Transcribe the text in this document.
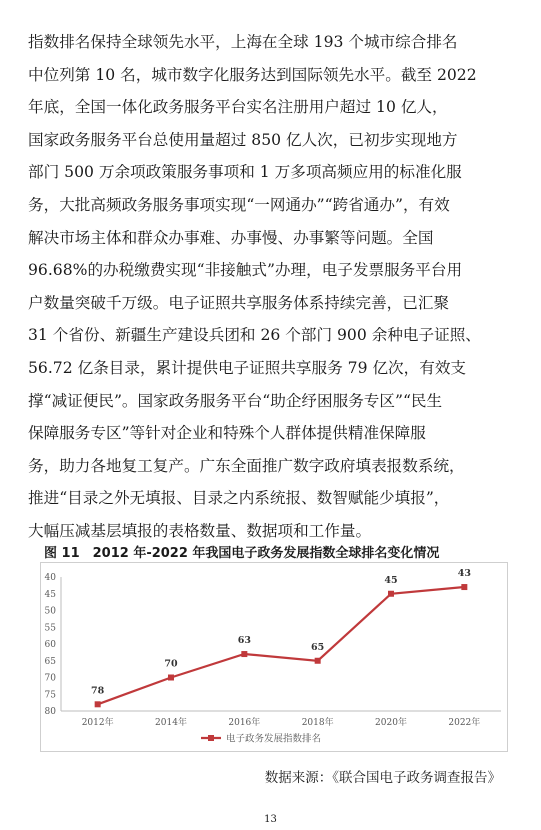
指数排名保持全球领先水平，上海在全球 193 个城市综合排名
中位列第 10 名，城市数字化服务达到国际领先水平。截至 2022
年底，全国一体化政务服务平台实名注册用户超过 10 亿人，
国家政务服务平台总使用量超过 850 亿人次，已初步实现地方
部门 500 万余项政策服务事项和 1 万多项高频应用的标准化服
务，大批高频政务服务事项实现“一网通办”“跨省通办”，有效
解决市场主体和群众办事难、办事慢、办事繁等问题。全国
96.68%的办税缴费实现“非接触式”办理，电子发票服务平台用
户数量突破千万级。电子证照共享服务体系持续完善，已汇聚
31 个省份、新疆生产建设兵团和 26 个部门 900 余种电子证照、
56.72 亿条目录，累计提供电子证照共享服务 79 亿次，有效支
撑“减证便民”。国家政务服务平台“助企纾困服务专区”“民生
保障服务专区”等针对企业和特殊个人群体提供精准保障服
务，助力各地复工复产。广东全面推广数字政府填表报数系统，
推进“目录之外无填报、目录之内系统报、数智赋能少填报”，
大幅压减基层填报的表格数量、数据项和工作量。
图 11　2012 年-2022 年我国电子政务发展指数全球排名变化情况
40
45
50
55
60
65
70
75
80
2012年	2014年	2016年	2018年	2020年	2022年
78
70
63
65
45
43
电子政务发展指数排名
数据来源：《联合国电子政务调查报告》
13
